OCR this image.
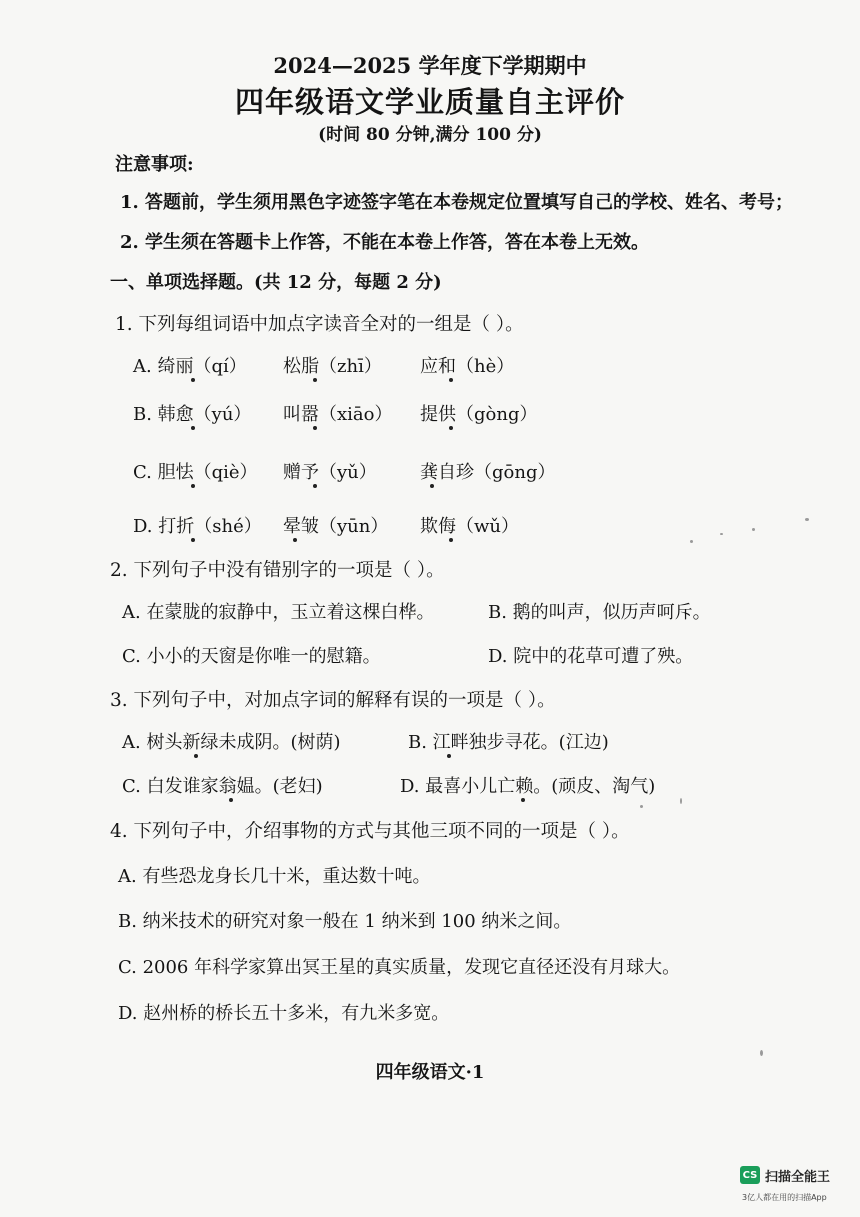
2024—2025 学年度下学期期中
四年级语文学业质量自主评价
(时间 80 分钟,满分 100 分)
注意事项:
1. 答题前，学生须用黑色字迹签字笔在本卷规定位置填写自己的学校、姓名、考号；
2. 学生须在答题卡上作答，不能在本卷上作答，答在本卷上无效。
一、单项选择题。(共 12 分，每题 2 分)
1. 下列每组词语中加点字读音全对的一组是（ ）。
A. 绮丽（qí） 松脂（zhī） 应和（hè）
B. 韩愈（yú） 叫嚣（xiāo） 提供（gòng）
C. 胆怯（qiè） 赠予（yǔ） 龚自珍（gōng）
D. 打折（shé） 晕皱（yūn） 欺侮（wǔ）
2. 下列句子中没有错别字的一项是（ ）。
A. 在蒙胧的寂静中，玉立着这棵白桦。	B. 鹅的叫声，似历声呵斥。
C. 小小的天窗是你唯一的慰籍。	D. 院中的花草可遭了殃。
3. 下列句子中，对加点字词的解释有误的一项是（ ）。
A. 树头新绿未成阴。(树荫)	B. 江畔独步寻花。(江边)
C. 白发谁家翁媪。(老妇)	D. 最喜小儿亡赖。(顽皮、淘气)
4. 下列句子中，介绍事物的方式与其他三项不同的一项是（ ）。
A. 有些恐龙身长几十米，重达数十吨。
B. 纳米技术的研究对象一般在 1 纳米到 100 纳米之间。
C. 2006 年科学家算出冥王星的真实质量，发现它直径还没有月球大。
D. 赵州桥的桥长五十多米，有九米多宽。
四年级语文·1
CS 扫描全能王
3亿人都在用的扫描App
